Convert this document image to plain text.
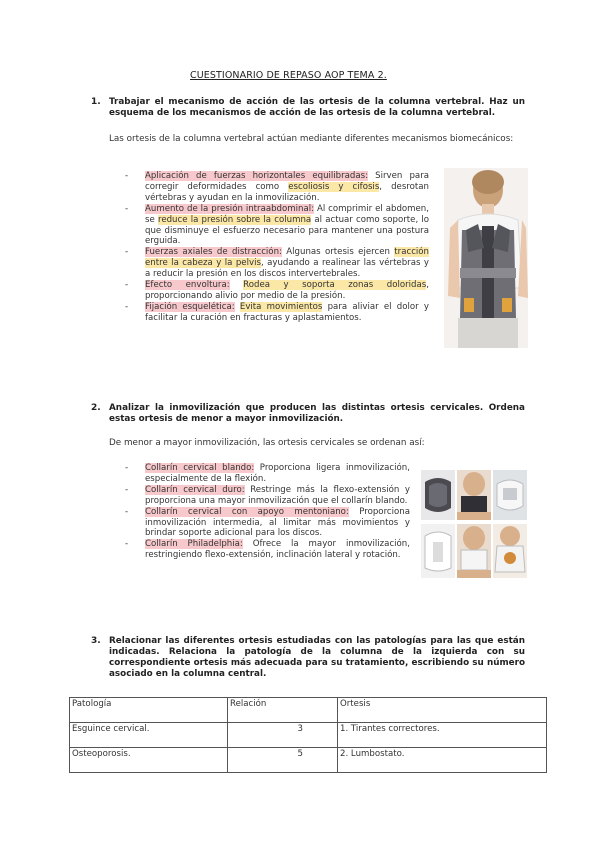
CUESTIONARIO DE REPASO AOP TEMA 2.
1. Trabajar el mecanismo de acción de las ortesis de la columna vertebral. Haz un esquema de los mecanismos de acción de las ortesis de la columna vertebral.
Las ortesis de la columna vertebral actúan mediante diferentes mecanismos biomecánicos:
- Aplicación de fuerzas horizontales equilibradas: Sirven para corregir deformidades como escoliosis y cifosis, desrotan vértebras y ayudan en la inmovilización.
- Aumento de la presión intraabdominal: Al comprimir el abdomen, se reduce la presión sobre la columna al actuar como soporte, lo que disminuye el esfuerzo necesario para mantener una postura erguida.
- Fuerzas axiales de distracción: Algunas ortesis ejercen tracción entre la cabeza y la pelvis, ayudando a realinear las vértebras y a reducir la presión en los discos intervertebrales.
- Efecto envoltura: Rodea y soporta zonas doloridas, proporcionando alivio por medio de la presión.
- Fijación esquelética: Evita movimientos para aliviar el dolor y facilitar la curación en fracturas y aplastamientos.
2. Analizar la inmovilización que producen las distintas ortesis cervicales. Ordena estas ortesis de menor a mayor inmovilización.
De menor a mayor inmovilización, las ortesis cervicales se ordenan así:
- Collarín cervical blando: Proporciona ligera inmovilización, especialmente de la flexión.
- Collarín cervical duro: Restringe más la flexo-extensión y proporciona una mayor inmovilización que el collarín blando.
- Collarín cervical con apoyo mentoniano: Proporciona inmovilización intermedia, al limitar más movimientos y brindar soporte adicional para los discos.
- Collarín Philadelphia: Ofrece la mayor inmovilización, restringiendo flexo-extensión, inclinación lateral y rotación.
3. Relacionar las diferentes ortesis estudiadas con las patologías para las que están indicadas. Relaciona la patología de la columna de la izquierda con su correspondiente ortesis más adecuada para su tratamiento, escribiendo su número asociado en la columna central.
Patología	Relación	Ortesis
Esguince cervical.	3	1. Tirantes correctores.
Osteoporosis.	5	2. Lumbostato.
